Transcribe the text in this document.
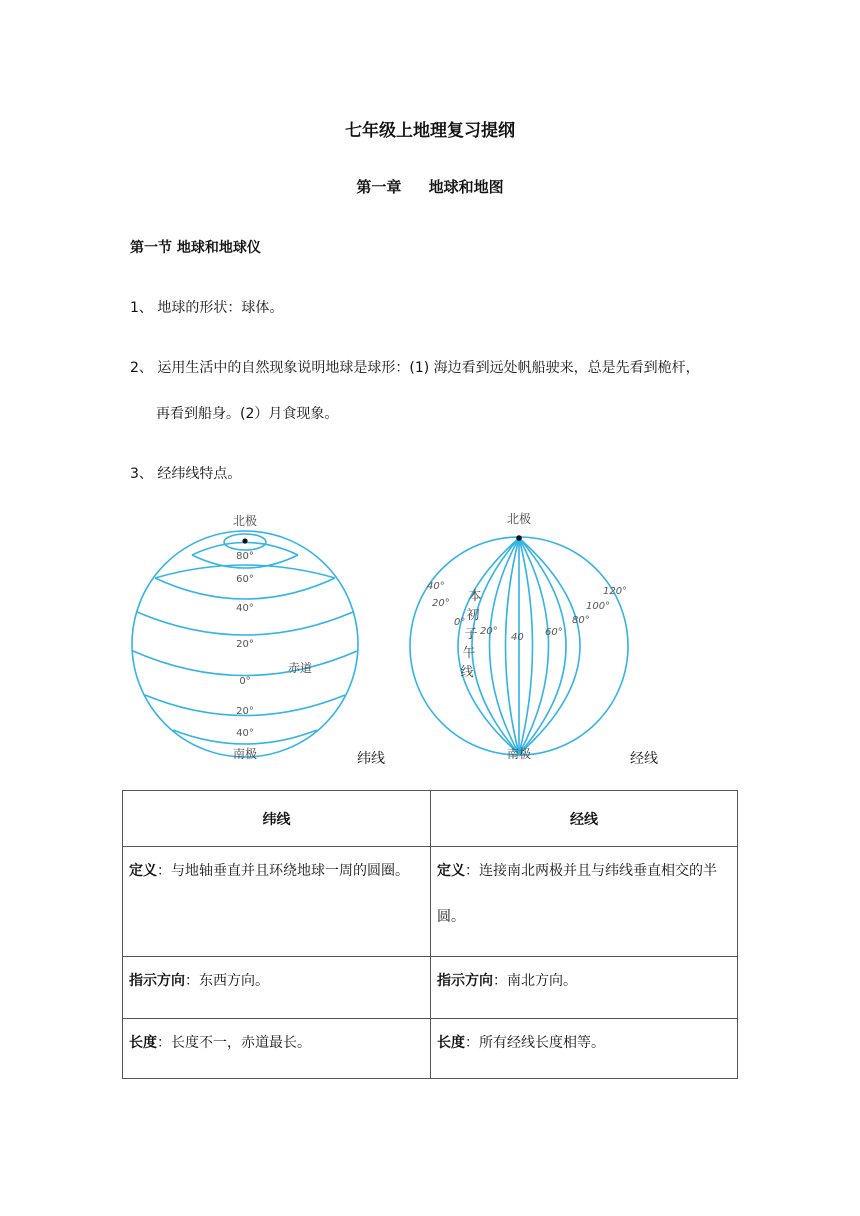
七年级上地理复习提纲
第一章 地球和地图
第一节 地球和地球仪
1、 地球的形状：球体。
2、 运用生活中的自然现象说明地球是球形：(1) 海边看到远处帆船驶来，总是先看到桅杆，
再看到船身。(2）月食现象。
3、 经纬线特点。
北极
南极
赤道
80°
60°
40°
20°
0°
20°
40°
纬线
北极
南极
本
初
子
午
线
40°
20°
0°
20°
40 60°
80°
100°
120°
经线
纬线	经线
定义：与地轴垂直并且环绕地球一周的圆圈。	定义：连接南北两极并且与纬线垂直相交的半圆。
指示方向：东西方向。	指示方向：南北方向。
长度：长度不一，赤道最长。	长度：所有经线长度相等。
